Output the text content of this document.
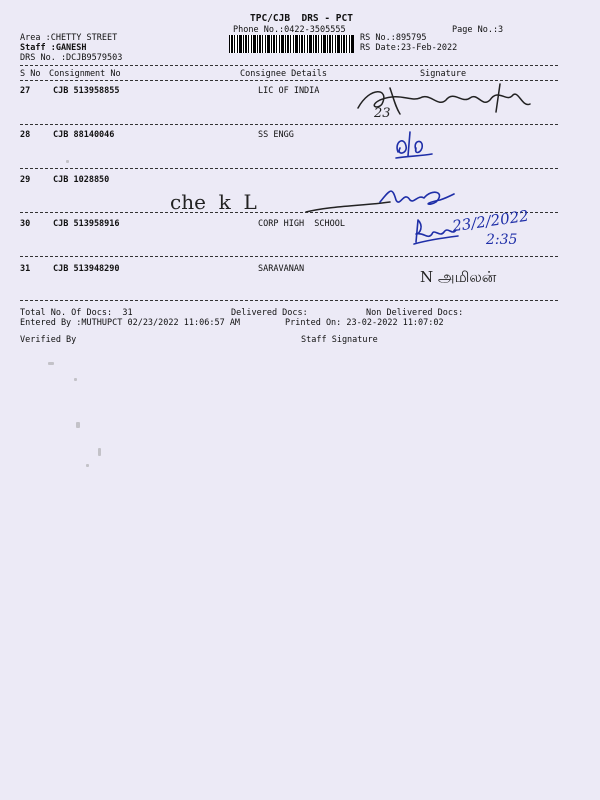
TPC/CJB  DRS - PCT
Phone No.:0422-3505555	Page No.:3
Area :CHETTY STREET
Staff :GANESH
DRS No. :DCJB9579503
RS No.:895795
RS Date:23-Feb-2022
S No Consignment No	Consignee Details	Signature
27	CJB 513958855	LIC OF INDIA
23
28	CJB 88140046	SS ENGG
29	CJB 1028850
che  k  L
30	CJB 513958916	CORP HIGH  SCHOOL	23/2/2022
2:35
31	CJB 513948290	SARAVANAN	N அமிலன்
Total No. Of Docs:  31	Delivered Docs:	Non Delivered Docs:
Entered By :MUTHUPCT 02/23/2022 11:06:57 AM	Printed On: 23-02-2022 11:07:02
Verified By	Staff Signature
